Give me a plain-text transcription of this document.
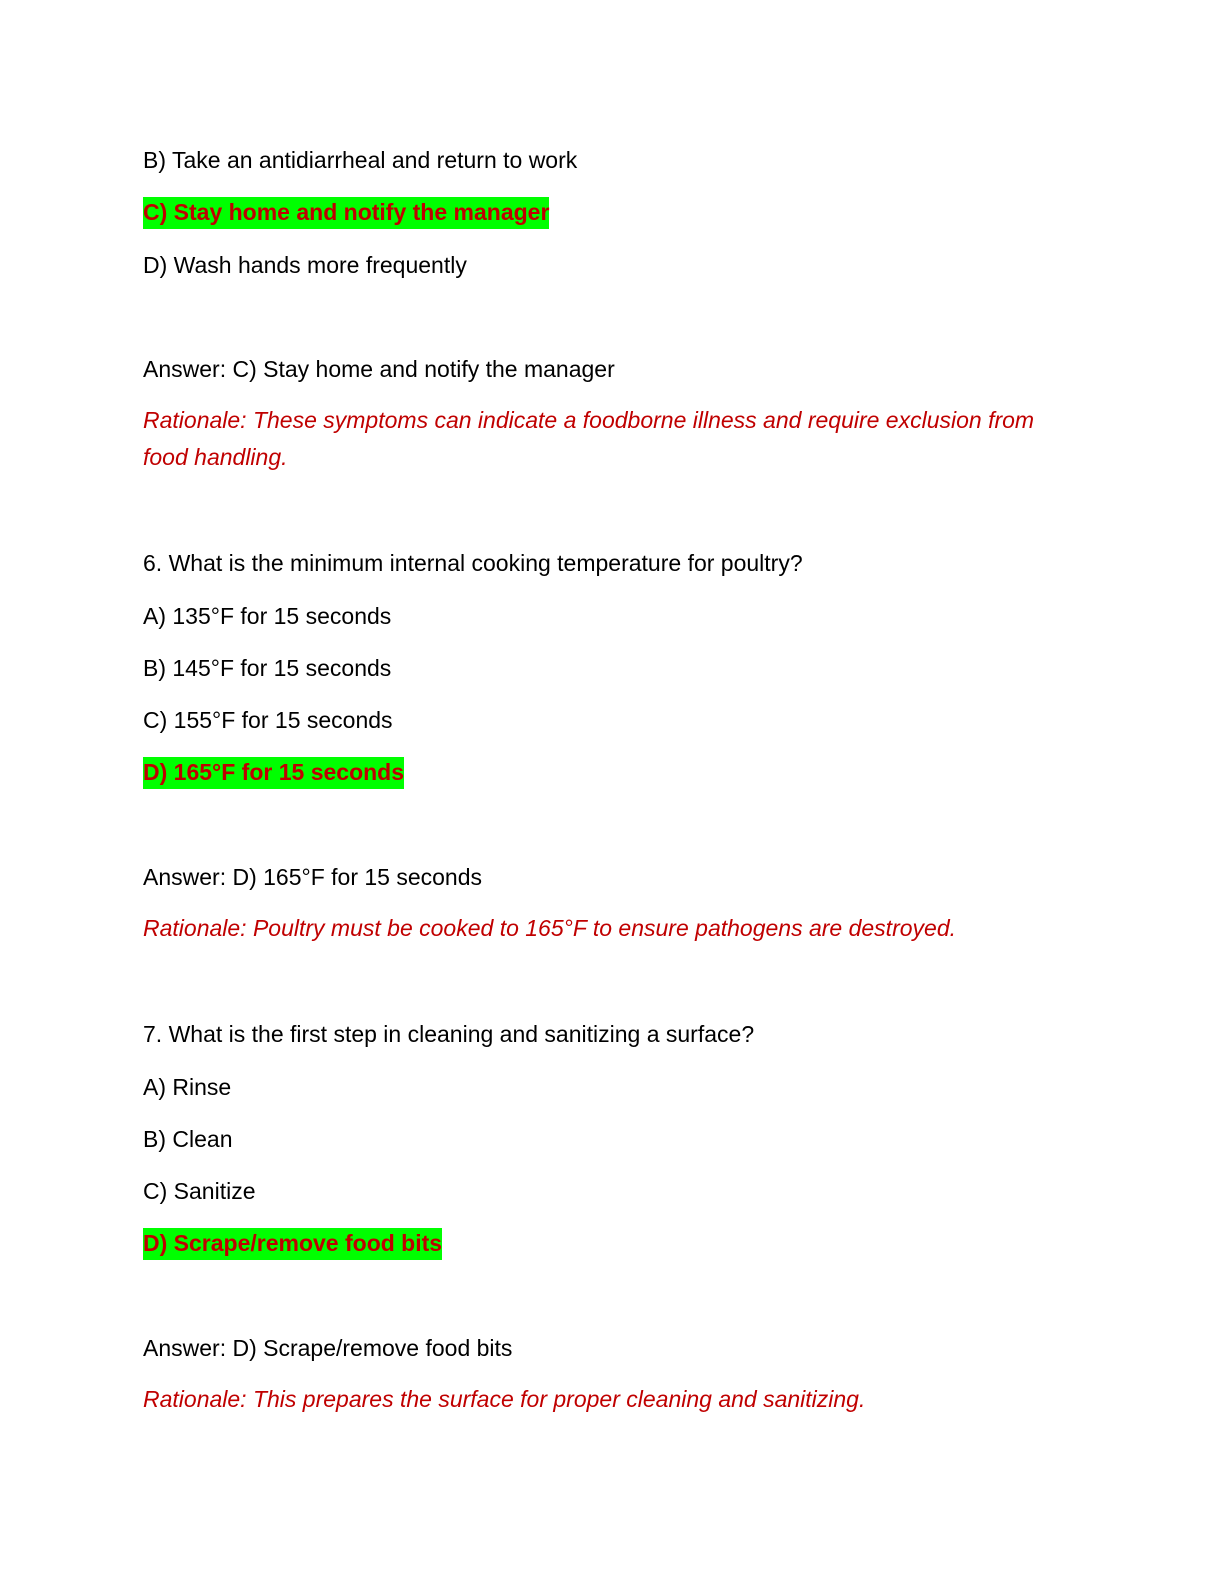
B) Take an antidiarrheal and return to work
C) Stay home and notify the manager
D) Wash hands more frequently
Answer: C) Stay home and notify the manager
Rationale: These symptoms can indicate a foodborne illness and require exclusion from food handling.
6. What is the minimum internal cooking temperature for poultry?
A) 135°F for 15 seconds
B) 145°F for 15 seconds
C) 155°F for 15 seconds
D) 165°F for 15 seconds
Answer: D) 165°F for 15 seconds
Rationale: Poultry must be cooked to 165°F to ensure pathogens are destroyed.
7. What is the first step in cleaning and sanitizing a surface?
A) Rinse
B) Clean
C) Sanitize
D) Scrape/remove food bits
Answer: D) Scrape/remove food bits
Rationale: This prepares the surface for proper cleaning and sanitizing.
